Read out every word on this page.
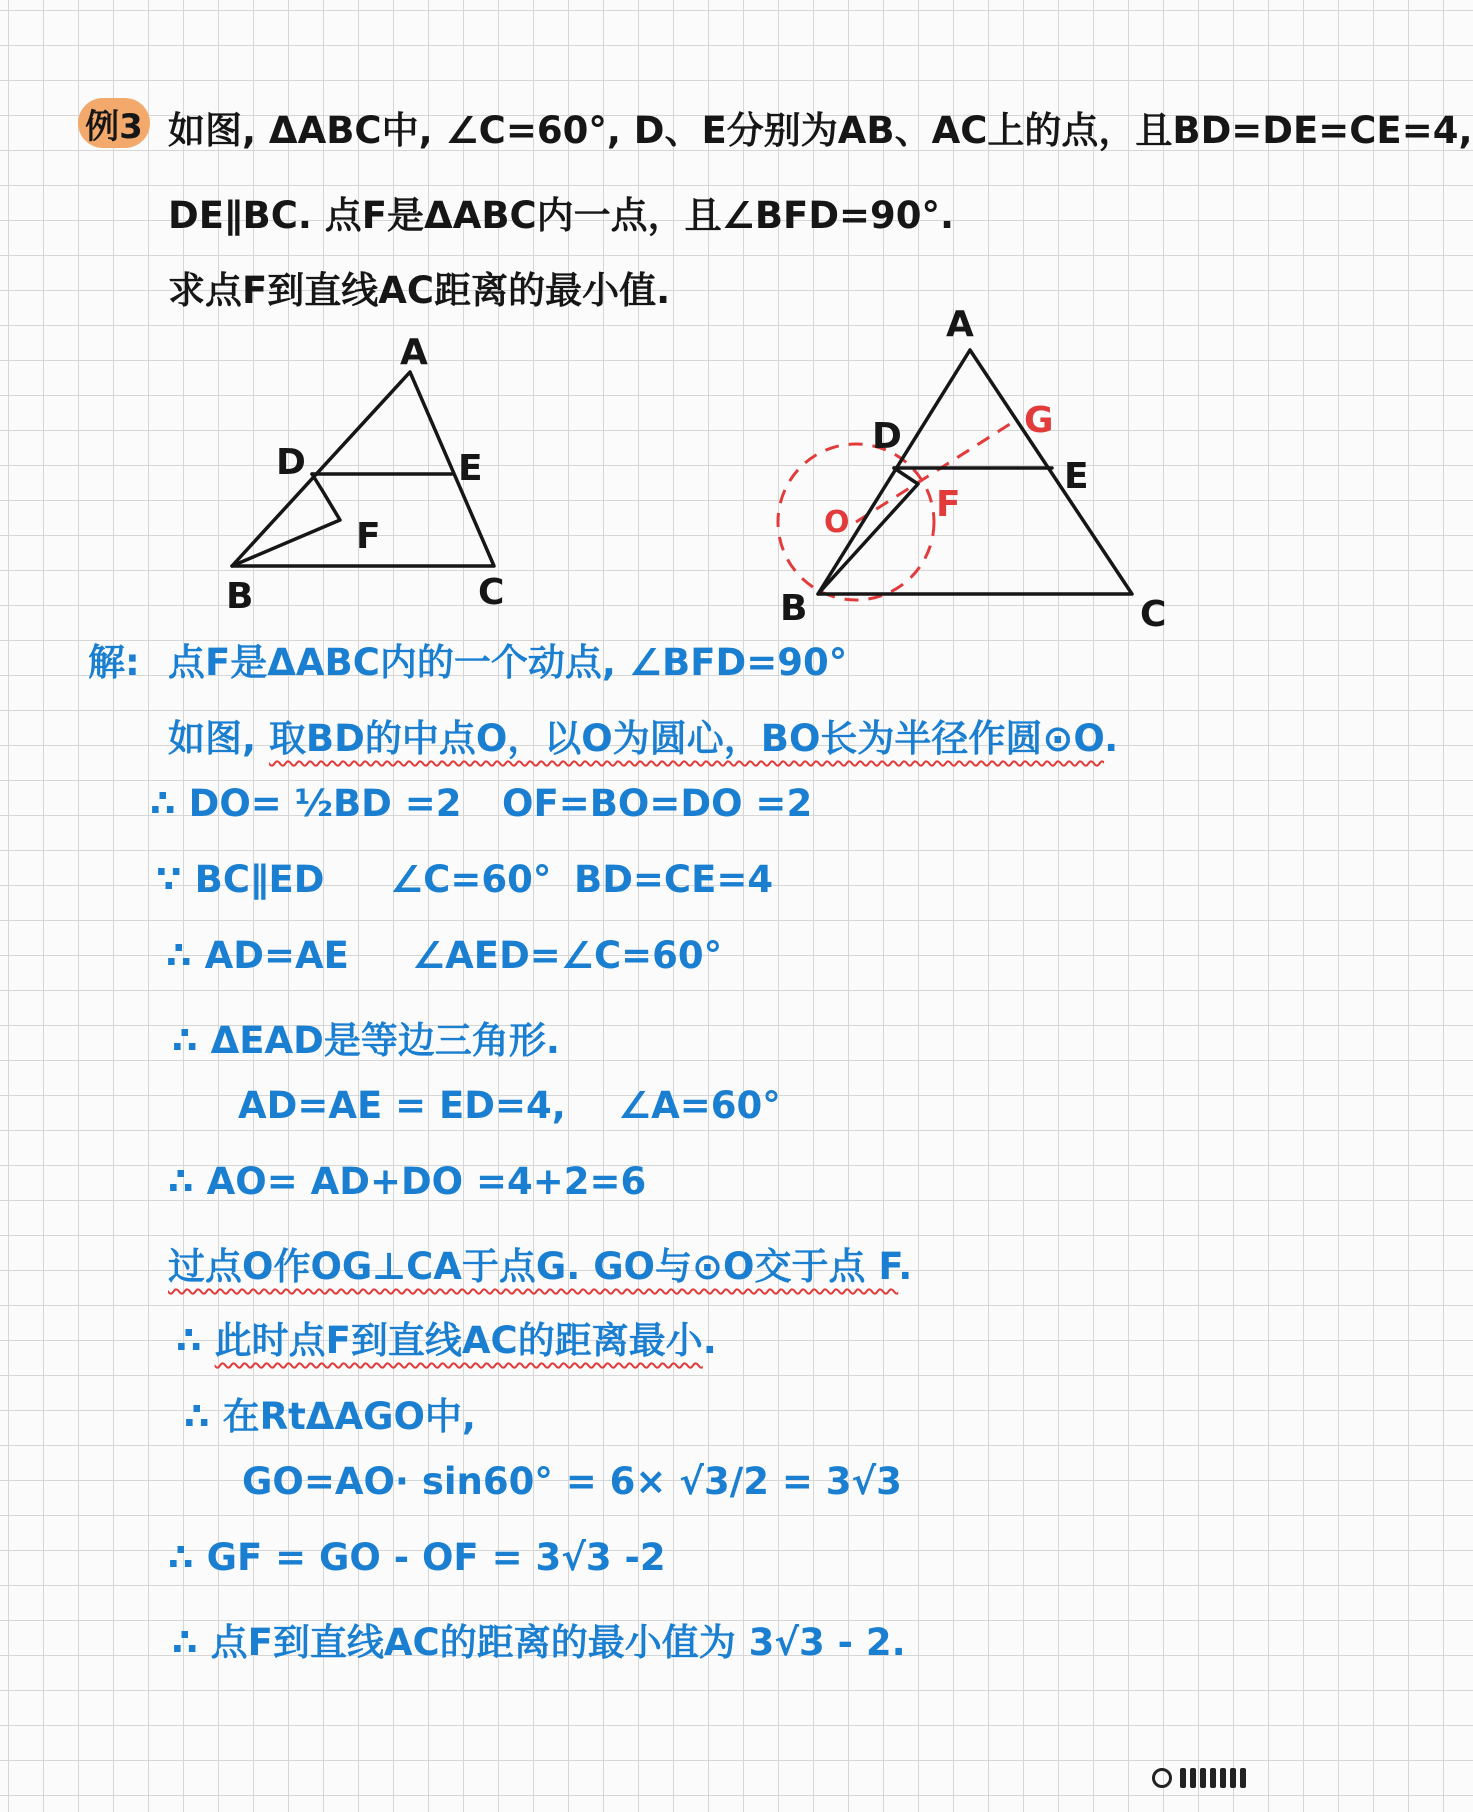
例3 如图, ΔABC中, ∠C=60°, D、E分别为AB、AC上的点，且BD=DE=CE=4,
DE∥BC. 点F是ΔABC内一点，且∠BFD=90°.
求点F到直线AC距离的最小值.
A
D	E
F
B	C
A
D
E
B	C
G
F
O
解: 点F是ΔABC内的一个动点, ∠BFD=90°
如图, 取BD的中点O，以O为圆心，BO长为半径作圆⊙O.
∴ DO= ½BD =2 OF=BO=DO =2
∵ BC∥ED ∠C=60° BD=CE=4
∴ AD=AE ∠AED=∠C=60°
∴ ΔEAD是等边三角形.
AD=AE = ED=4, ∠A=60°
∴ AO= AD+DO =4+2=6
过点O作OG⊥CA于点G. GO与⊙O交于点 F.
∴ 此时点F到直线AC的距离最小.
∴ 在RtΔAGO中,
GO=AO· sin60° = 6× √3/2 = 3√3
∴ GF = GO - OF = 3√3 -2
∴ 点F到直线AC的距离的最小值为 3√3 - 2.
